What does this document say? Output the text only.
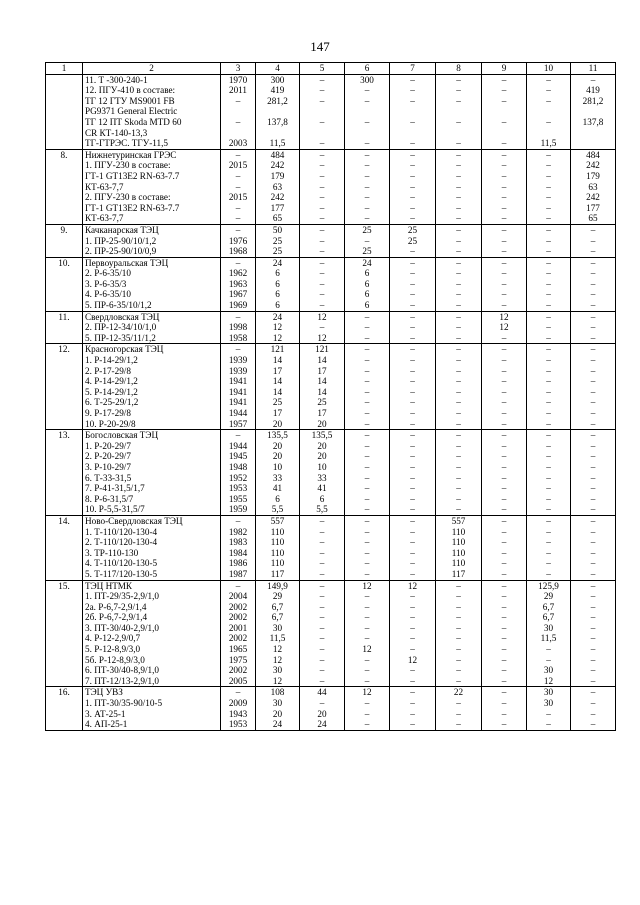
147
1	2	3	4	5	6	7	8	9	10	11
	11. Т -300-240-1	1970	300	–	300	–	–	–	–	–
	12. ПГУ-410 в составе:	2011	419	–	–	–	–	–	–	419
	ТГ 12 ГТУ MS9001 FB	–	281,2	–	–	–	–	–	–	281,2
	PG9371 General Electric									
	ТГ 12 ПТ Skoda MTD 60	–	137,8	–	–	–	–	–	–	137,8
	CR КТ-140-13,3									
	ТГ-ГТРЭС. ТГУ-11,5	2003	11,5	–	–	–	–	–	11,5	
8.	Нижнетуринская ГРЭС	–	484	–	–	–	–	–	–	484
	1. ПГУ-230 в составе:	2015	242	–	–	–	–	–	–	242
	ГТ-1 GT13E2 RN-63-7.7	–	179	–	–	–	–	–	–	179
	КТ-63-7,7	–	63	–	–	–	–	–	–	63
	2. ПГУ-230 в составе:	2015	242	–	–	–	–	–	–	242
	ГТ-1 GT13E2 RN-63-7.7	–	177	–	–	–	–	–	–	177
	КТ-63-7,7	–	65	–	–	–	–	–	–	65
9.	Качканарская ТЭЦ	–	50	–	25	25	–	–	–	–
	1. ПР-25-90/10/1,2	1976	25	–	–	25	–	–	–	–
	2. ПР-25-90/10/0,9	1968	25	–	25	–	–	–	–	–
10.	Первоуральская ТЭЦ	–	24	–	24	–	–	–	–	–
	2. Р-6-35/10	1962	6	–	6	–	–	–	–	–
	3. Р-6-35/3	1963	6	–	6	–	–	–	–	–
	4. Р-6-35/10	1967	6	–	6	–	–	–	–	–
	5. ПР-6-35/10/1,2	1969	6	–	6	–	–	–	–	–
11.	Свердловская ТЭЦ	–	24	12	–	–	–	12	–	–
	2. ПР-12-34/10/1,0	1998	12	–	–	–	–	12	–	–
	5. ПР-12-35/11/1,2	1958	12	12	–	–	–	–	–	–
12.	Красногорская ТЭЦ	–	121	121	–	–	–	–	–	–
	1. Р-14-29/1,2	1939	14	14	–	–	–	–	–	–
	2. Р-17-29/8	1939	17	17	–	–	–	–	–	–
	4. Р-14-29/1,2	1941	14	14	–	–	–	–	–	–
	5. Р-14-29/1,2	1941	14	14	–	–	–	–	–	–
	6. Т-25-29/1,2	1941	25	25	–	–	–	–	–	–
	9. Р-17-29/8	1944	17	17	–	–	–	–	–	–
	10. Р-20-29/8	1957	20	20	–	–	–	–	–	–
13.	Богословская ТЭЦ	–	135,5	135,5	–	–	–	–	–	–
	1. Р-20-29/7	1944	20	20	–	–	–	–	–	–
	2. Р-20-29/7	1945	20	20	–	–	–	–	–	–
	3. Р-10-29/7	1948	10	10	–	–	–	–	–	–
	6. Т-33-31,5	1952	33	33	–	–	–	–	–	–
	7. Р-41-31,5/1,7	1953	41	41	–	–	–	–	–	–
	8. Р-6-31,5/7	1955	6	6	–	–	–	–	–	–
	10. Р-5,5-31,5/7	1959	5,5	5,5	–	–	–	–	–	–
14.	Ново-Свердловская ТЭЦ	–	557	–	–	–	557	–	–	–
	1. Т-110/120-130-4	1982	110	–	–	–	110	–	–	–
	2. Т-110/120-130-4	1983	110	–	–	–	110	–	–	–
	3. ТР-110-130	1984	110	–	–	–	110	–	–	–
	4. Т-110/120-130-5	1986	110	–	–	–	110	–	–	–
	5. Т-117/120-130-5	1987	117	–	–	–	117	–	–	–
15.	ТЭЦ НТМК	–	149,9	–	12	12	–	–	125,9	–
	1. ПТ-29/35-2,9/1,0	2004	29	–	–	–	–	–	29	–
	2а. Р-6,7-2,9/1,4	2002	6,7	–	–	–	–	–	6,7	–
	2б. Р-6,7-2,9/1,4	2002	6,7	–	–	–	–	–	6,7	–
	3. ПТ-30/40-2,9/1,0	2001	30	–	–	–	–	–	30	–
	4. Р-12-2,9/0,7	2002	11,5	–	–	–	–	–	11,5	–
	5. Р-12-8,9/3,0	1965	12	–	12	–	–	–	–	–
	5б. Р-12-8,9/3,0	1975	12	–	–	12	–	–	–	–
	6. ПТ-30/40-8,9/1,0	2002	30	–	–	–	–	–	30	–
	7. ПТ-12/13-2,9/1,0	2005	12	–	–	–	–	–	12	–
16.	ТЭЦ УВЗ	–	108	44	12	–	22	–	30	–
	1. ПТ-30/35-90/10-5	2009	30	–	–	–	–	–	30	–
	3. АТ-25-1	1943	20	20	–	–	–	–	–	–
	4. АП-25-1	1953	24	24	–	–	–	–	–	–
